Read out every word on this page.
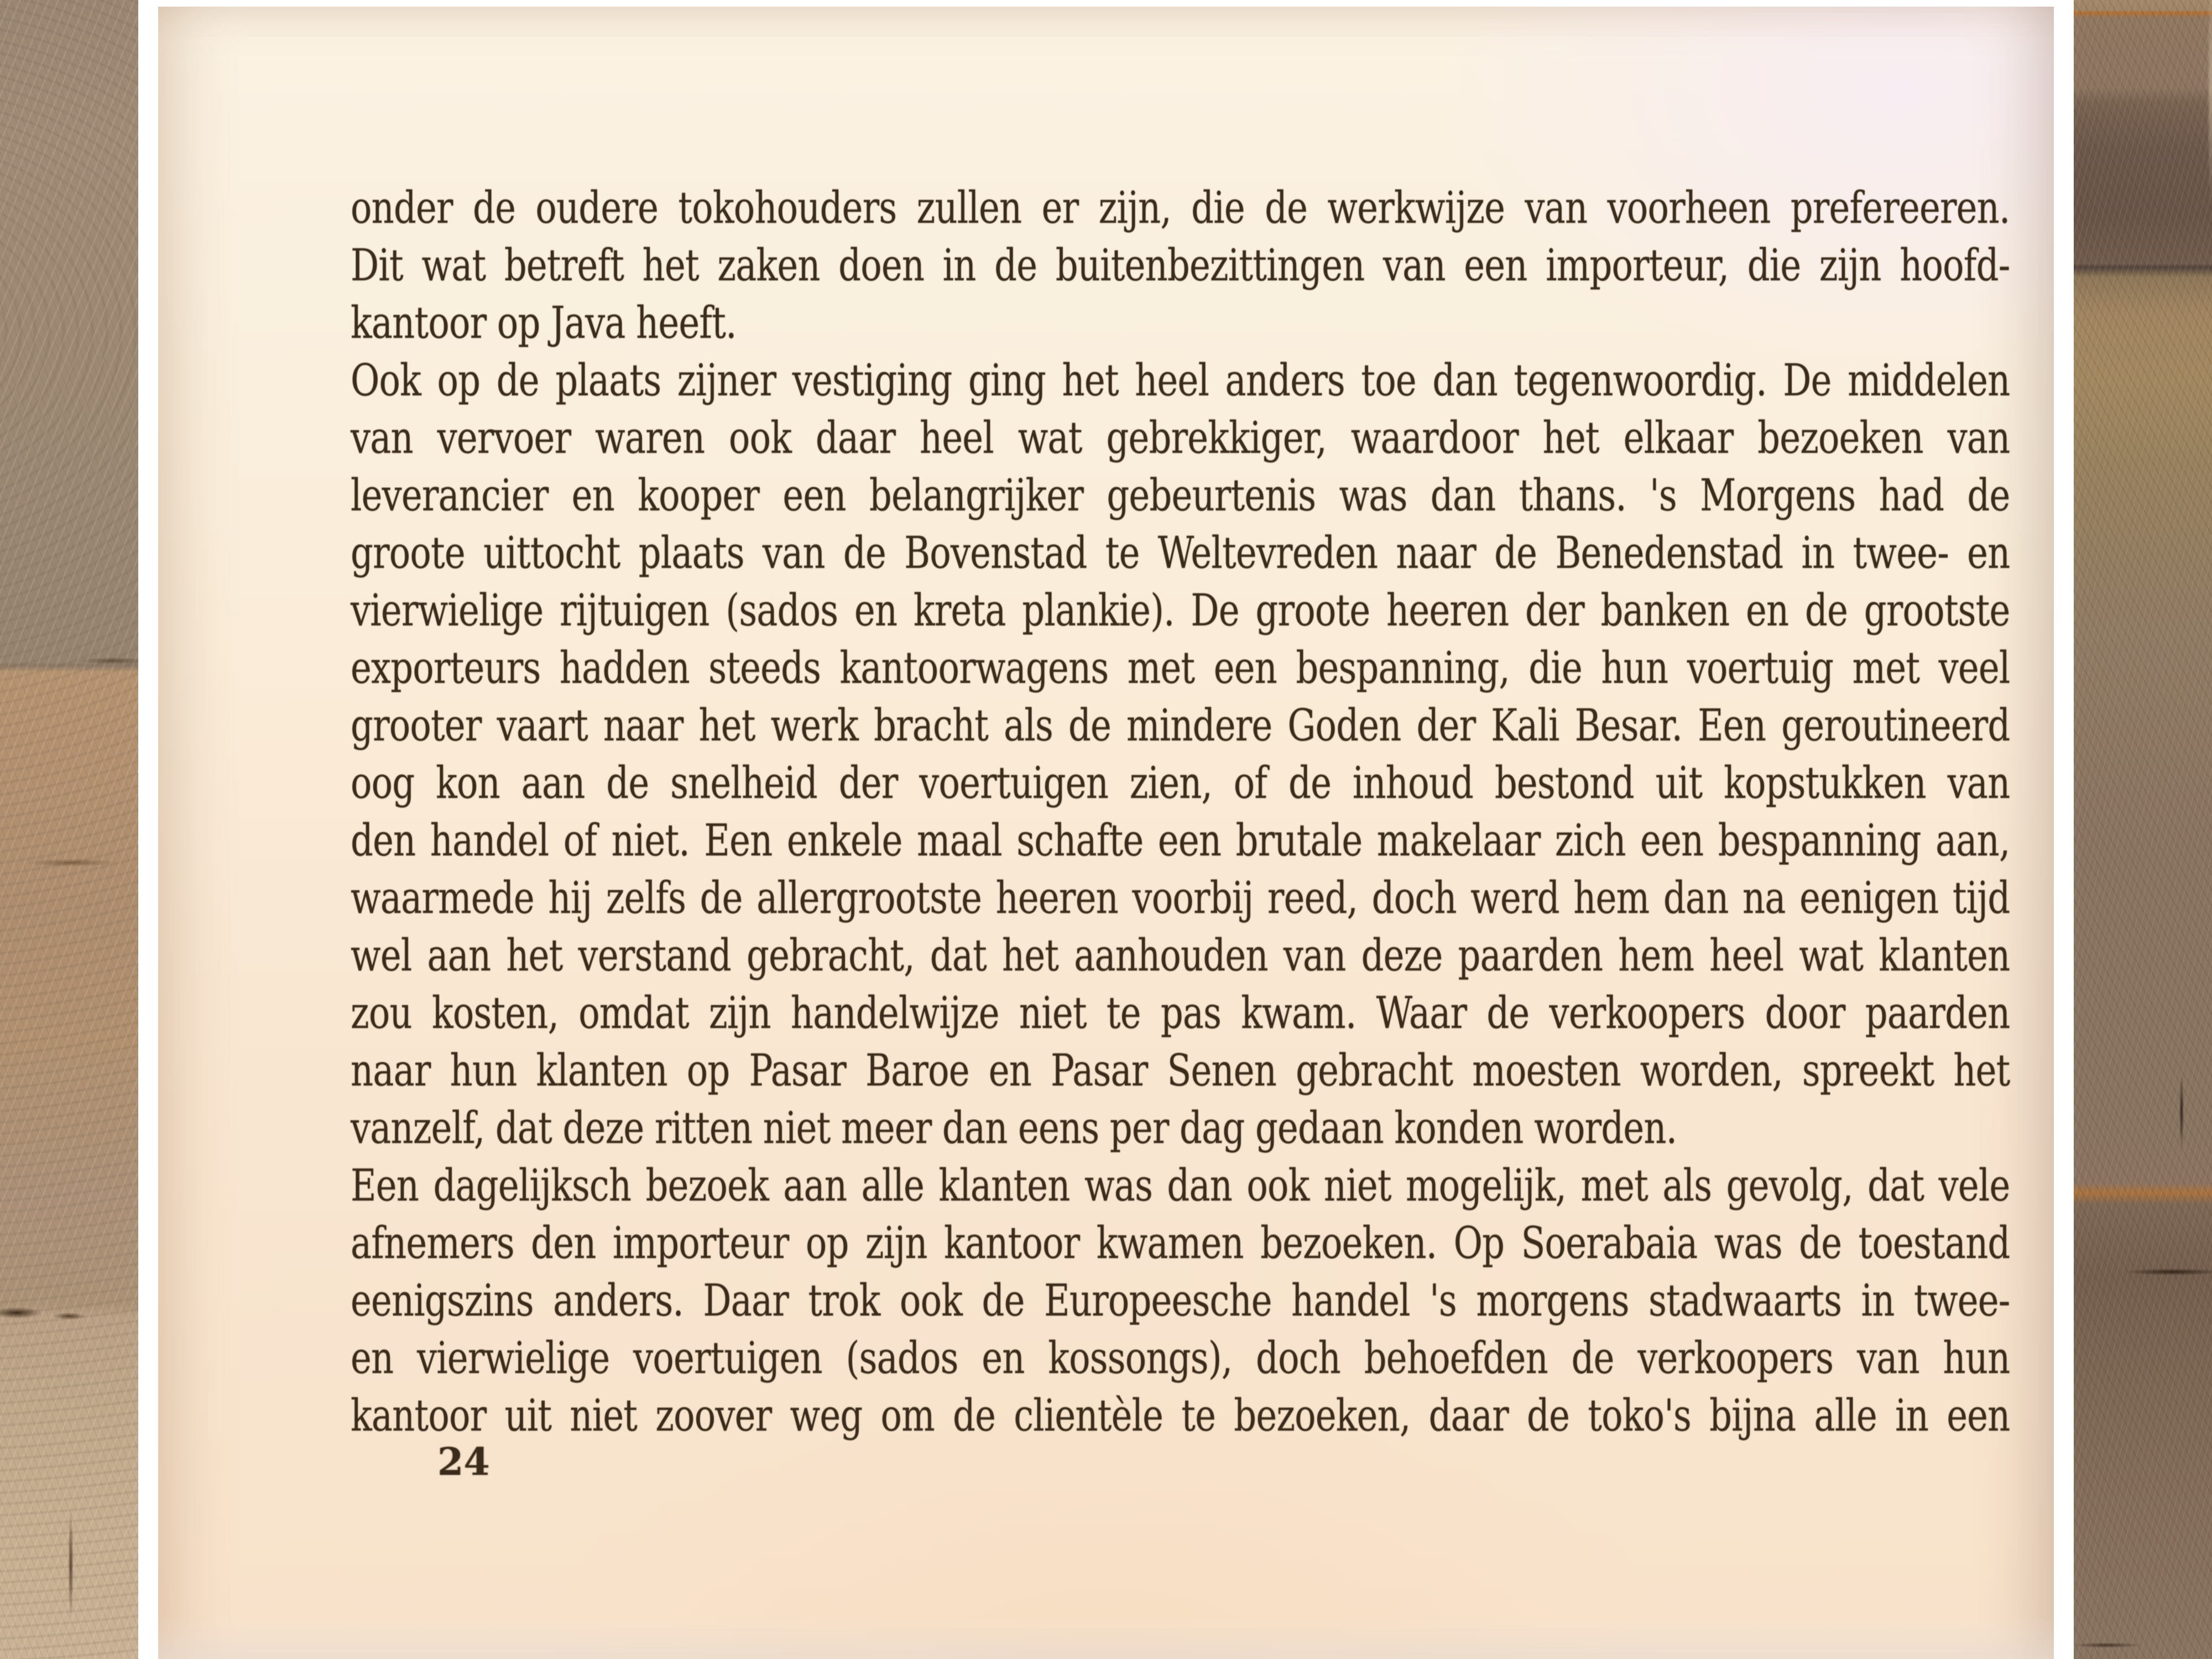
onder de oudere tokohouders zullen er zijn, die de werkwijze van voorheen prefereeren.

Dit wat betreft het zaken doen in de buitenbezittingen van een importeur, die zijn hoofd-

kantoor op Java heeft.

Ook op de plaats zijner vestiging ging het heel anders toe dan tegenwoordig. De middelen

van vervoer waren ook daar heel wat gebrekkiger, waardoor het elkaar bezoeken van

leverancier en kooper een belangrijker gebeurtenis was dan thans. 's Morgens had de

groote uittocht plaats van de Bovenstad te Weltevreden naar de Benedenstad in twee- en

vierwielige rijtuigen (sados en kreta plankie). De groote heeren der banken en de grootste

exporteurs hadden steeds kantoorwagens met een bespanning, die hun voertuig met veel

grooter vaart naar het werk bracht als de mindere Goden der Kali Besar. Een geroutineerd

oog kon aan de snelheid der voertuigen zien, of de inhoud bestond uit kopstukken van

den handel of niet. Een enkele maal schafte een brutale makelaar zich een bespanning aan,

waarmede hij zelfs de allergrootste heeren voorbij reed, doch werd hem dan na eenigen tijd

wel aan het verstand gebracht, dat het aanhouden van deze paarden hem heel wat klanten

zou kosten, omdat zijn handelwijze niet te pas kwam. Waar de verkoopers door paarden

naar hun klanten op Pasar Baroe en Pasar Senen gebracht moesten worden, spreekt het

vanzelf, dat deze ritten niet meer dan eens per dag gedaan konden worden.

Een dagelijksch bezoek aan alle klanten was dan ook niet mogelijk, met als gevolg, dat vele

afnemers den importeur op zijn kantoor kwamen bezoeken. Op Soerabaia was de toestand

eenigszins anders. Daar trok ook de Europeesche handel 's morgens stadwaarts in twee-

en vierwielige voertuigen (sados en kossongs), doch behoefden de verkoopers van hun

kantoor uit niet zoover weg om de clientèle te bezoeken, daar de toko's bijna alle in een

24
